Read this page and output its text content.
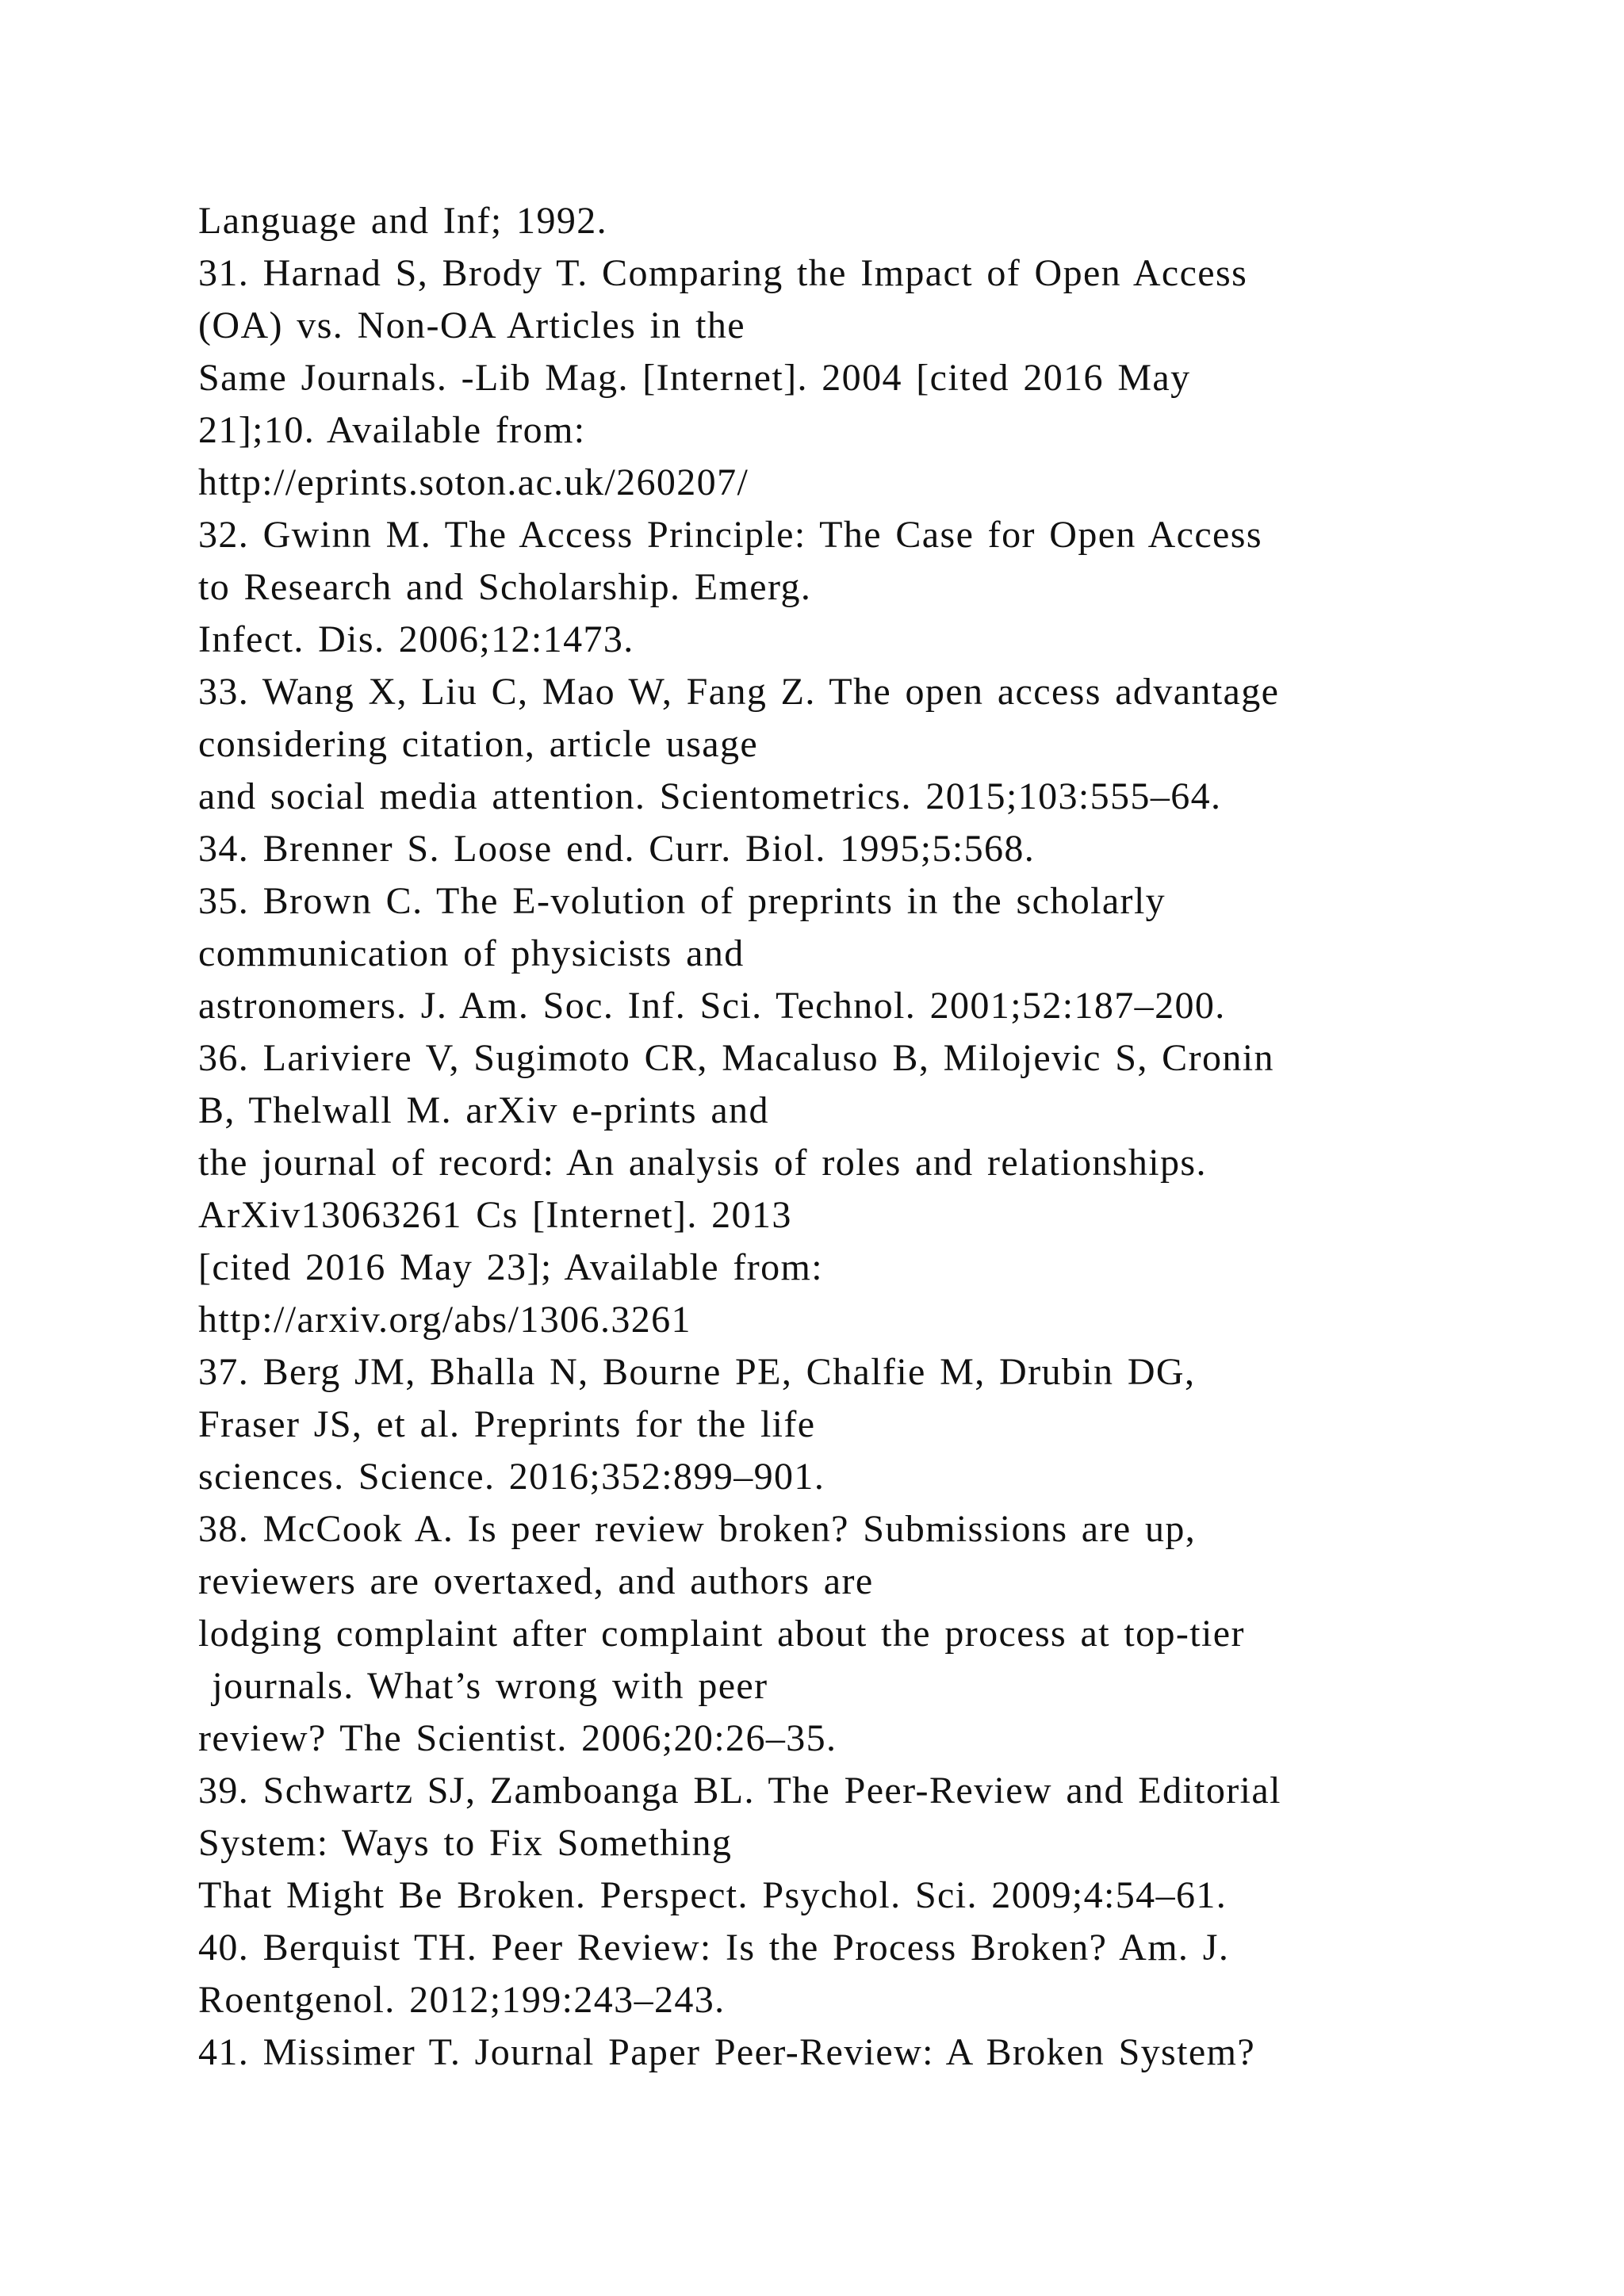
Language and Inf; 1992.
31. Harnad S, Brody T. Comparing the Impact of Open Access
(OA) vs. Non-OA Articles in the
Same Journals. -Lib Mag. [Internet]. 2004 [cited 2016 May
21];10. Available from:
http://eprints.soton.ac.uk/260207/
32. Gwinn M. The Access Principle: The Case for Open Access
to Research and Scholarship. Emerg.
Infect. Dis. 2006;12:1473.
33. Wang X, Liu C, Mao W, Fang Z. The open access advantage
considering citation, article usage
and social media attention. Scientometrics. 2015;103:555–64.
34. Brenner S. Loose end. Curr. Biol. 1995;5:568.
35. Brown C. The E-volution of preprints in the scholarly
communication of physicists and
astronomers. J. Am. Soc. Inf. Sci. Technol. 2001;52:187–200.
36. Lariviere V, Sugimoto CR, Macaluso B, Milojevic S, Cronin
B, Thelwall M. arXiv e-prints and
the journal of record: An analysis of roles and relationships.
ArXiv13063261 Cs [Internet]. 2013
[cited 2016 May 23]; Available from:
http://arxiv.org/abs/1306.3261
37. Berg JM, Bhalla N, Bourne PE, Chalfie M, Drubin DG,
Fraser JS, et al. Preprints for the life
sciences. Science. 2016;352:899–901.
38. McCook A. Is peer review broken? Submissions are up,
reviewers are overtaxed, and authors are
lodging complaint after complaint about the process at top-tier
journals. What’s wrong with peer
review? The Scientist. 2006;20:26–35.
39. Schwartz SJ, Zamboanga BL. The Peer-Review and Editorial
System: Ways to Fix Something
That Might Be Broken. Perspect. Psychol. Sci. 2009;4:54–61.
40. Berquist TH. Peer Review: Is the Process Broken? Am. J.
Roentgenol. 2012;199:243–243.
41. Missimer T. Journal Paper Peer-Review: A Broken System?
